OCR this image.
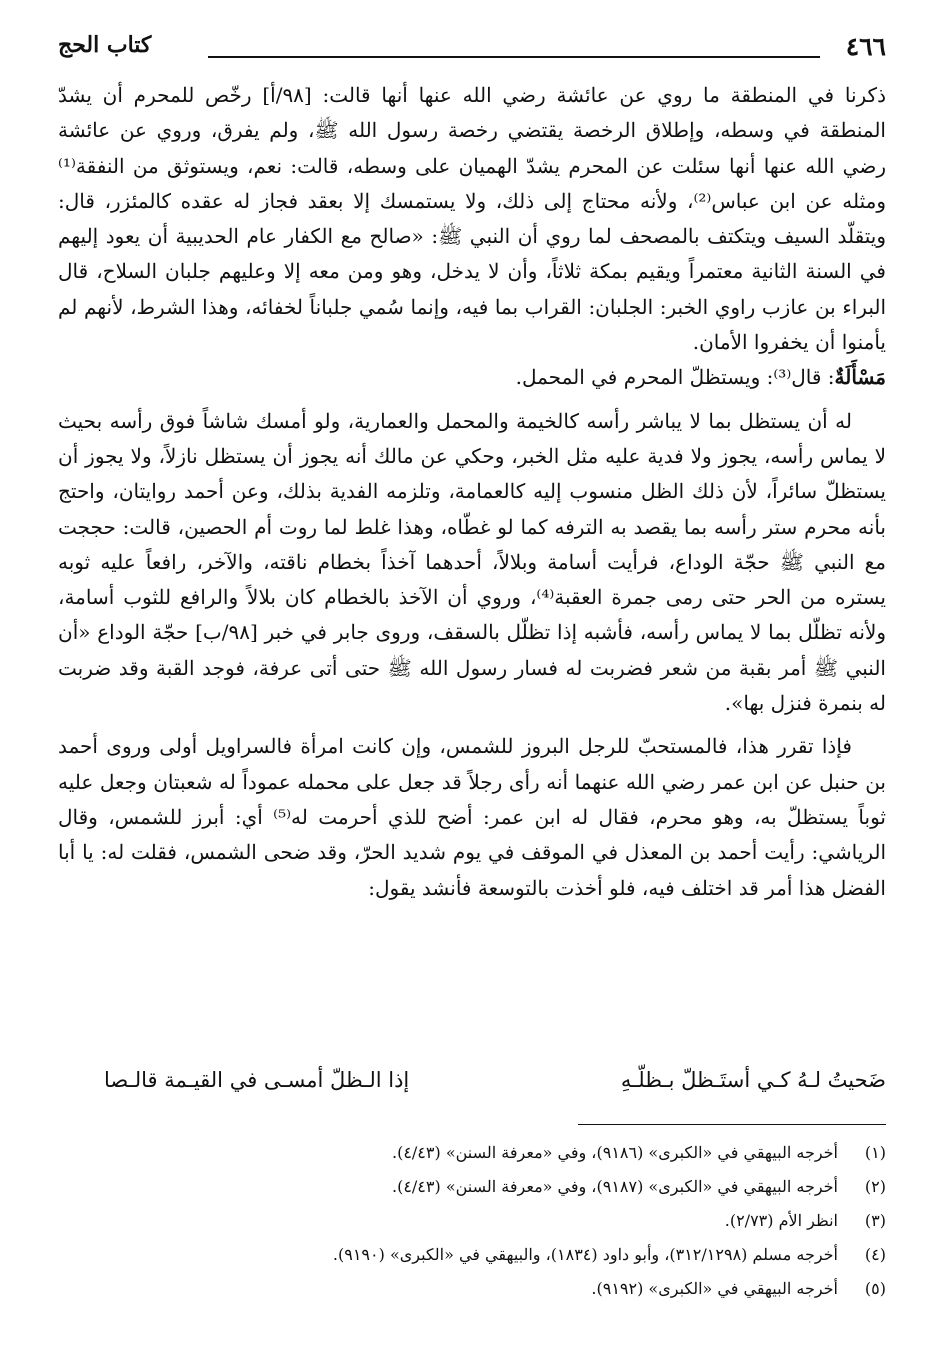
٤٦٦
كتاب الحج

ذكرنا في المنطقة ما روي عن عائشة رضي الله عنها أنها قالت: [٩٨/أ] رخّص للمحرم أن يشدّ المنطقة في وسطه، وإطلاق الرخصة يقتضي رخصة رسول الله ﷺ، ولم يفرق، وروي عن عائشة رضي الله عنها أنها سئلت عن المحرم يشدّ الهميان على وسطه، قالت: نعم، ويستوثق من النفقة⁽¹⁾ ومثله عن ابن عباس⁽²⁾، ولأنه محتاج إلى ذلك، ولا يستمسك إلا بعقد فجاز له عقده كالمئزر، قال: ويتقلّد السيف ويتكتف بالمصحف لما روي أن النبي ﷺ: «صالح مع الكفار عام الحديبية أن يعود إليهم في السنة الثانية معتمراً ويقيم بمكة ثلاثاً، وأن لا يدخل، وهو ومن معه إلا وعليهم جلبان السلاح، قال البراء بن عازب راوي الخبر: الجلبان: القراب بما فيه، وإنما سُمي جلباناً لخفائه، وهذا الشرط، لأنهم لم يأمنوا أن يخفروا الأمان.

مَسْأَلَةٌ: قال⁽³⁾: ويستظلّ المحرم في المحمل.

له أن يستظل بما لا يباشر رأسه كالخيمة والمحمل والعمارية، ولو أمسك شاشاً فوق رأسه بحيث لا يماس رأسه، يجوز ولا فدية عليه مثل الخبر، وحكي عن مالك أنه يجوز أن يستظل نازلاً، ولا يجوز أن يستظلّ سائراً، لأن ذلك الظل منسوب إليه كالعمامة، وتلزمه الفدية بذلك، وعن أحمد روايتان، واحتج بأنه محرم ستر رأسه بما يقصد به الترفه كما لو غطّاه، وهذا غلط لما روت أم الحصين، قالت: حججت مع النبي ﷺ حجّة الوداع، فرأيت أسامة وبلالاً، أحدهما آخذاً بخطام ناقته، والآخر، رافعاً عليه ثوبه يستره من الحر حتى رمى جمرة العقبة⁽⁴⁾، وروي أن الآخذ بالخطام كان بلالاً والرافع للثوب أسامة، ولأنه تظلّل بما لا يماس رأسه، فأشبه إذا تظلّل بالسقف، وروى جابر في خبر [٩٨/ب] حجّة الوداع «أن النبي ﷺ أمر بقبة من شعر فضربت له فسار رسول الله ﷺ حتى أتى عرفة، فوجد القبة وقد ضربت له بنمرة فنزل بها».

فإذا تقرر هذا، فالمستحبّ للرجل البروز للشمس، وإن كانت امرأة فالسراويل أولى وروى أحمد بن حنبل عن ابن عمر رضي الله عنهما أنه رأى رجلاً قد جعل على محمله عموداً له شعبتان وجعل عليه ثوباً يستظلّ به، وهو محرم، فقال له ابن عمر: أضح للذي أحرمت له⁽⁵⁾ أي: أبرز للشمس، وقال الرياشي: رأيت أحمد بن المعذل في الموقف في يوم شديد الحرّ، وقد ضحى الشمس، فقلت له: يا أبا الفضل هذا أمر قد اختلف فيه، فلو أخذت بالتوسعة فأنشد يقول:

ضَحيتُ لـهُ كـي أستَـظلّ بـظلّـهِ
إذا الـظلّ أمسـى في القيـمة قالـصا
(١)
أخرجه البيهقي في «الكبرى» (٩١٨٦)، وفي «معرفة السنن» (٤/٤٣).
(٢)
أخرجه البيهقي في «الكبرى» (٩١٨٧)، وفي «معرفة السنن» (٤/٤٣).
(٣)
انظر الأم (٢/٧٣).
(٤)
أخرجه مسلم (٣١٢/١٢٩٨)، وأبو داود (١٨٣٤)، والبيهقي في «الكبرى» (٩١٩٠).
(٥)
أخرجه البيهقي في «الكبرى» (٩١٩٢).
